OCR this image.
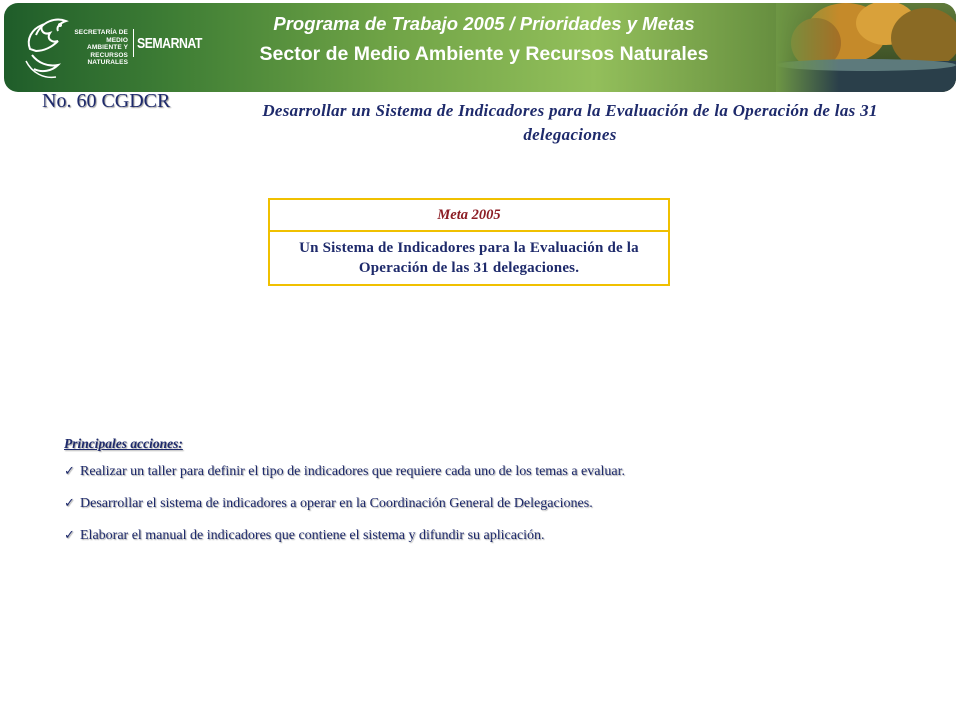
SECRETARÍA DE
MEDIO AMBIENTE Y
RECURSOS NATURALES
SEMARNAT
Programa de Trabajo 2005 / Prioridades y Metas
Sector de Medio Ambiente y Recursos Naturales
No. 60 CGDCR	Desarrollar un Sistema de Indicadores para la Evaluación de la Operación de las 31 delegaciones
Meta 2005
Un Sistema de Indicadores para la Evaluación de la Operación de las 31 delegaciones.
Principales acciones:
✓ Realizar un taller para definir el tipo de indicadores que requiere cada uno de los temas a evaluar.
✓ Desarrollar el sistema de indicadores a operar en la Coordinación General de Delegaciones.
✓ Elaborar el manual de indicadores que contiene el sistema y difundir su aplicación.
